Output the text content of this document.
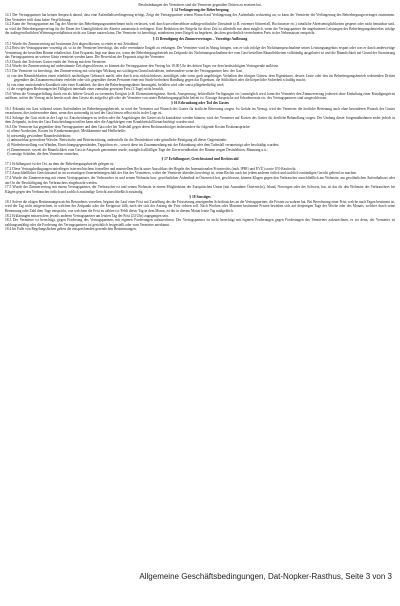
Beschränkungen des Vermieters sind die Vermieter gegenüber Dritten zu ersetzen hat.

§ 14 Verlängerung der Beherbergung

14.1 Der Vertragspartner hat keinen Anspruch darauf, dass eine Aufenthaltsverlängerung erfolgt. Zeigt der Vertragspartner seinen Wunsch auf Verlängerung des Aufenthalts rechtzeitig an, so kann der Vermieter der Verlängerung des Beherbergungsvertrages zustimmen. Den Vermieter trifft dazu keine Verpflichtung.

14.2 Kann der Vertragspartner am Tag der Abreise das Beherbergungsunternehmen nicht verlassen, weil durch unvorhersehbare außergewöhnliche Umstände (z.B. extremer Schneefall, Hochwasser etc.) sämtliche Abreisemöglichkeiten gesperrt oder nicht benützbar sind, so wird der Beherbergungsvertrag für die Dauer der Unmöglichkeit der Abreise automatisch verlängert. Eine Reduktion des Entgelts für diese Zeit ist allenfalls nur dann möglich, wenn der Vertragspartner die angebotenen Leistungen des Beherbergungsbetriebes infolge der außergewöhnlichen Witterungsverhältnisse nicht zur Gänze nutzen kann. Der Vermieter ist berechtigt, mindestens jenes Entgelt zu begehren, das dem gewöhnlich verrechneten Preis in der Nebensaison entspricht.

§ 15 Beendigung des Zimmervertrages – Vorzeitige Auflösung

15.1 Wurde der Zimmervertrag auf bestimmte Zeit abgeschlossen, so endet er mit Zeitablauf.

15.2 Reist der Vertragspartner vorzeitig ab, so ist der Vermieter berechtigt, das volle vereinbarte Entgelt zu verlangen. Der Vermieter wird in Abzug bringen, was er sich infolge der Nichtinanspruchnahme seines Leistungsangebots erspart oder was er durch anderweitige Vermietung der bestellten Räume erhalten hat. Eine Ersparnis liegt nur dann vor, wenn der Beherbergungsbetrieb im Zeitpunkt der Nichtinanspruchnahme der vom Gast bestellten Räumlichkeiten vollständig ausgelastet ist und die Räumlichkeit auf Grund der Stornierung des Vertragspartners an weitere Gäste vermietet werden kann. Die Beweislast der Ersparnis trägt der Vermieter.

15.3 Durch den Tod eines Gastes endet der Vertrag mit dem Vermieter.

15.4 Wurde der Zimmervertrag auf unbestimmte Zeit abgeschlossen, so können die Vertragspartner den Vertrag bis 10.00 Uhr des dritten Tages vor dem beabsichtigten Vertragsende auflösen.

15.5 Der Vermieter ist berechtigt, den Zimmervertrag mit sofortiger Wirkung aus wichtigem Grund aufzulösen, insbesondere wenn der Vertragspartner bzw. der Gast

a) von den Räumlichkeiten einen erheblich nachteiligen Gebrauch macht oder durch sein rücksichtsloses, anstößiges oder sonst grob ungehöriges Verhalten den übrigen Gästen, dem Eigentümer, dessen Leute oder den im Beherbergungsbetrieb wohnenden Dritten gegenüber das Zusammenwohnen verleidet oder sich gegenüber diesen Personen einer mit Strafe bedrohten Handlung gegen das Eigentum, die Sittlichkeit oder die körperliche Sicherheit schuldig macht;

b) von einer ansteckenden Krankheit oder einer Krankheit, die über die Beherbergungsdauer hinausgeht, befallen wird oder sonst pflegebedürftig wird;

c) die vorgelegten Rechnungen bei Fälligkeit innerhalb einer zumutbar gesetzten Frist (3 Tage) nicht bezahlt.

15.6 Wenn die Vertragserfüllung durch ein als höhere Gewalt zu wertendes Ereignis (z.B. Elementarereignisse, Streik, Aussperrung, behördliche Verfügungen etc.) unmöglich wird, kann der Vermieter den Zimmervertrag jederzeit ohne Einhaltung einer Kündigungsfrist auflösen, sofern der Vertrag nicht bereits nach dem Gesetz als aufgelöst gilt oder der Vermieter von seiner Beherbergungspflicht befreit ist. Etwaige Ansprüche auf Schadenersatz etc. des Vertragspartners sind ausgeschlossen.

§ 16 Erkrankung oder Tod des Gastes

16.1 Erkrankt ein Gast während seines Aufenthaltes im Beherbergungsbetrieb, so wird der Vermieter auf Wunsch des Gastes für ärztliche Betreuung sorgen. Ist Gefahr im Verzug, wird der Vermieter die ärztliche Betreuung auch ohne besonderen Wunsch des Gastes veranlassen, dies insbesondere dann, wenn dies notwendig ist und der Gast hierzu selbst nicht in der Lage ist.

16.2 Solange der Gast nicht in der Lage ist, Entscheidungen zu treffen oder die Angehörigen des Gastes nicht kontaktiert werden können, wird der Vermieter auf Kosten des Gastes für ärztliche Behandlung sorgen. Der Umfang dieser Sorgemaßnahmen endet jedoch in dem Zeitpunkt, in dem der Gast Entscheidungen treffen kann oder die Angehörigen vom Krankheitsfall benachrichtigt worden sind.

16.3 Der Vermieter hat gegenüber dem Vertragspartner und dem Gast oder bei Todesfall gegen deren Rechtsnachfolger insbesondere für folgende Kosten Ersatzansprüche:

a) offene Arztkosten, Kosten für Krankentransport, Medikamente und Heilbehelfe;

b) notwendig gewordene Raumdesinfektion;

c) unbrauchbar gewordene Wäsche, Bettwäsche und Betteinrichtung, andernfalls für die Desinfektion oder gründliche Reinigung all dieser Gegenstände;

d) Wiederherstellung von Wänden, Einrichtungsgegenständen, Teppichen etc., soweit diese im Zusammenhang mit der Erkrankung oder dem Todesfall verunreinigt oder beschädigt wurden;

e) Zimmermiete, soweit die Räumlichkeit vom Gast in Anspruch genommen wurde, zuzüglich allfälliger Tage der Unverwendbarkeit der Räume wegen Desinfektion, Räumung u.ä.;

f) sonstige Schäden, die dem Vermieter entstehen.

§ 17 Erfüllungsort, Gerichtsstand und Rechtswahl

17.1 Erfüllungsort ist der Ort, an dem der Beherbergungsbetrieb gelegen ist.

17.2 Diese Vertragsbedingungen unterliegen österreichischem formellen und materiellem Recht unter Ausschluss der Regeln des Internationalen Privatrechts (insb. IPRG und EVÜ) sowie UN-Kaufrecht.

17.3 Ausschließlicher Gerichtsstand ist im zweiseitigen Unternehmergeschäft der Sitz des Vermieters, wobei der Vermieter überdies berechtigt ist, seine Rechte auch bei jedem anderen örtlich und sachlich zuständigen Gericht geltend zu machen.

17.4 Wurde der Zimmervertrag mit einem Vertragspartner, der Verbraucher ist und seinen Wohnsitz bzw. gewöhnlichen Aufenthalt in Österreich hat, geschlossen, können Klagen gegen den Verbraucher ausschließlich am Wohnsitz, am gewöhnlichen Aufenthaltsort oder am Ort der Beschäftigung des Verbrauchers eingebracht werden.

17.5 Wurde der Zimmervertrag mit einem Vertragspartner, der Verbraucher ist und seinen Wohnsitz in einem Mitgliedstaat der Europäischen Union (mit Ausnahme Österreichs), Island, Norwegen oder der Schweiz, hat, ist das für den Wohnsitz des Verbrauchers für Klagen gegen den Verbraucher örtlich und sachlich zuständige Gericht ausschließlich zuständig.

§ 18 Sonstiges

18.1 Sofern die obigen Bestimmungen nichts Besonderes vorsehen, beginnt der Lauf einer Frist mit Zustellung des die Fristsetzung anzeigenden Schriftstückes an die Vertragspartner, die Fristen zu wahren hat. Bei Berechnung einer Frist, welche nach Tagen bestimmt ist, wird der Tag nicht mitgerechnet, in welchen der Zeitpunkt oder die Ereignisse fällt, nach der sich der Anfang der Frist richten soll. Nach Wochen oder Monaten bestimmte Fristen beziehen sich auf denjenigen Tage der Woche oder des Monats, welcher durch seine Benennung oder Zahl dem Tage entspricht, von welchem die Frist zu zählen ist. Fehlt dieser Tag in dem Monat, ist der in diesem Monat letzte Tag maßgeblich.

18.2 Erklärungen müssen dem jeweils anderen Vertragspartner am letzten Tag der Frist (24 Uhr) zugegangen sein.

18.3 Der Vermieter ist berechtigt, gegen Forderung des Vertragspartners mit eigenen Forderungen aufzurechnen. Der Vertragspartner ist nicht berechtigt mit eigenen Forderungen gegen Forderungen des Vermieters aufzurechnen, es sei denn, der Vermieter ist zahlungsunfähig oder die Forderung des Vertragspartners ist gerichtlich festgestellt oder vom Vermieter anerkannt.

18.4 Im Falle von Regelungslücken gelten die entsprechenden gesetzlichen Bestimmungen.

Allgemeine Geschäftsbedingungen, Dat-Nopker-Rasthus, Seite 3 von 3
